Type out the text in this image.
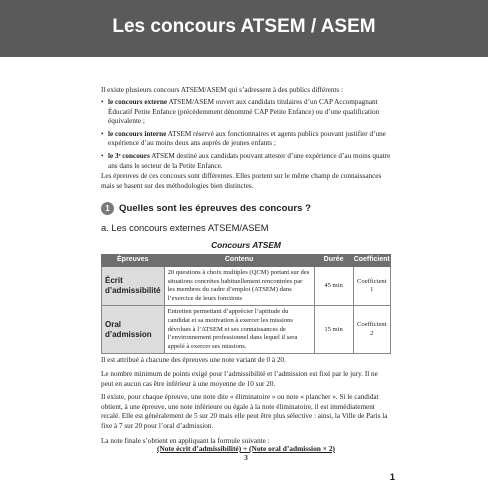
Les concours ATSEM / ASEM
Il existe plusieurs concours ATSEM/ASEM qui s’adressent à des publics différents :
• le concours externe ATSEM/ASEM ouvert aux candidats titulaires d’un CAP Accompagnant Éducatif Petite Enfance (précédemment dénommé CAP Petite Enfance) ou d’une qualification équivalente ;
• le concours interne ATSEM réservé aux fonctionnaires et agents publics pouvant justifier d’une expérience d’au moins deux ans auprès de jeunes enfants ;
• le 3ᵉ concours ATSEM destiné aux candidats pouvant attester d’une expérience d’au moins quatre ans dans le secteur de la Petite Enfance.
Les épreuves de ces concours sont différentes. Elles portent sur le même champ de connaissances mais se basent sur des méthodologies bien distinctes.
1 Quelles sont les épreuves des concours ?
a. Les concours externes ATSEM/ASEM
Concours ATSEM
Épreuves	Contenu	Durée	Coefficient
Écrit d’admissibilité	20 questions à choix multiples (QCM) portant sur des situations concrètes habituellement rencontrées par les membres du cadre d’emploi (ATSEM) dans l’exercice de leurs fonctions	45 min	Coefficient 1
Oral d’admission	Entretien permettant d’apprécier l’aptitude du candidat et sa motivation à exercer les missions dévolues à l’ATSEM et ses connaissances de l’environnement professionnel dans lequel il sera appelé à exercer ses missions.	15 min	Coefficient 2
Il est attribué à chacune des épreuves une note variant de 0 à 20.
Le nombre minimum de points exigé pour l’admissibilité et l’admission est fixé par le jury. Il ne peut en aucun cas être inférieur à une moyenne de 10 sur 20.
Il existe, pour chaque épreuve, une note dite « éliminatoire » ou note « plancher ». Si le candidat obtient, à une épreuve, une note inférieure ou égale à la note éliminatoire, il est immédiatement recalé. Elle est généralement de 5 sur 20 mais elle peut être plus sélective : ainsi, la Ville de Paris la fixe à 7 sur 20 pour l’oral d’admission.
La note finale s’obtient en appliquant la formule suivante :
(Note écrit d’admissibilité) + (Note oral d’admission × 2)
3
1
